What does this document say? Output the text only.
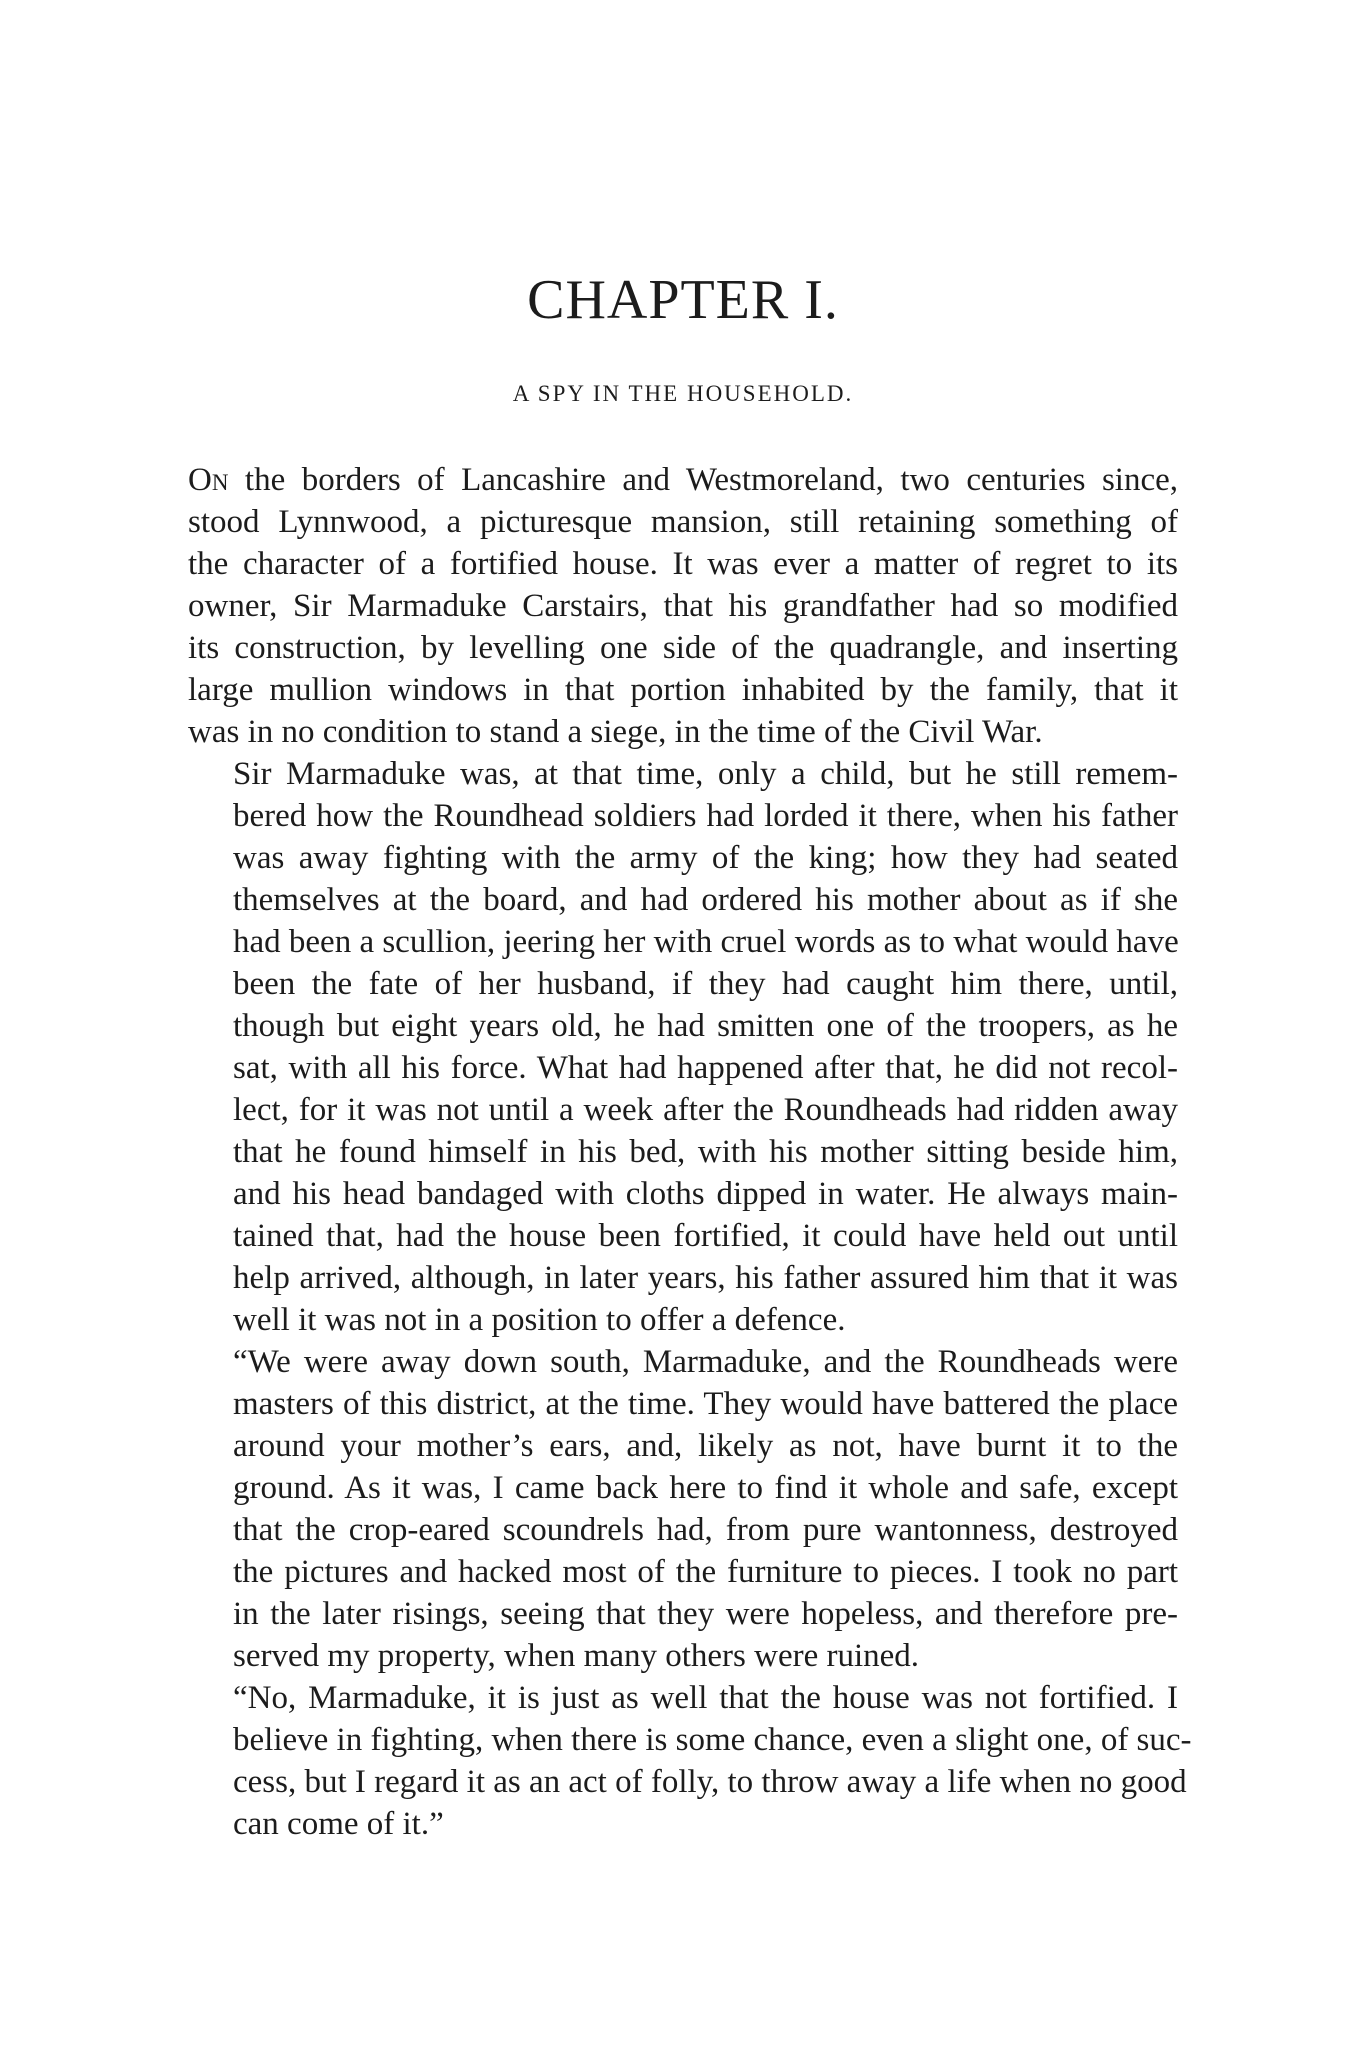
CHAPTER I.
A SPY IN THE HOUSEHOLD.

On the borders of Lancashire and Westmoreland, two centuries since,
stood Lynnwood, a picturesque mansion, still retaining something of
the character of a fortified house. It was ever a matter of regret to its
owner, Sir Marmaduke Carstairs, that his grandfather had so modified
its construction, by levelling one side of the quadrangle, and inserting
large mullion windows in that portion inhabited by the family, that it
was in no condition to stand a siege, in the time of the Civil War.

Sir Marmaduke was, at that time, only a child, but he still remem-
bered how the Roundhead soldiers had lorded it there, when his father
was away fighting with the army of the king; how they had seated
themselves at the board, and had ordered his mother about as if she
had been a scullion, jeering her with cruel words as to what would have
been the fate of her husband, if they had caught him there, until,
though but eight years old, he had smitten one of the troopers, as he
sat, with all his force. What had happened after that, he did not recol-
lect, for it was not until a week after the Roundheads had ridden away
that he found himself in his bed, with his mother sitting beside him,
and his head bandaged with cloths dipped in water. He always main-
tained that, had the house been fortified, it could have held out until
help arrived, although, in later years, his father assured him that it was
well it was not in a position to offer a defence.

“We were away down south, Marmaduke, and the Roundheads were
masters of this district, at the time. They would have battered the place
around your mother’s ears, and, likely as not, have burnt it to the
ground. As it was, I came back here to find it whole and safe, except
that the crop-eared scoundrels had, from pure wantonness, destroyed
the pictures and hacked most of the furniture to pieces. I took no part
in the later risings, seeing that they were hopeless, and therefore pre-
served my property, when many others were ruined.

“No, Marmaduke, it is just as well that the house was not fortified. I
believe in fighting, when there is some chance, even a slight one, of suc-
cess, but I regard it as an act of folly, to throw away a life when no good
can come of it.”
